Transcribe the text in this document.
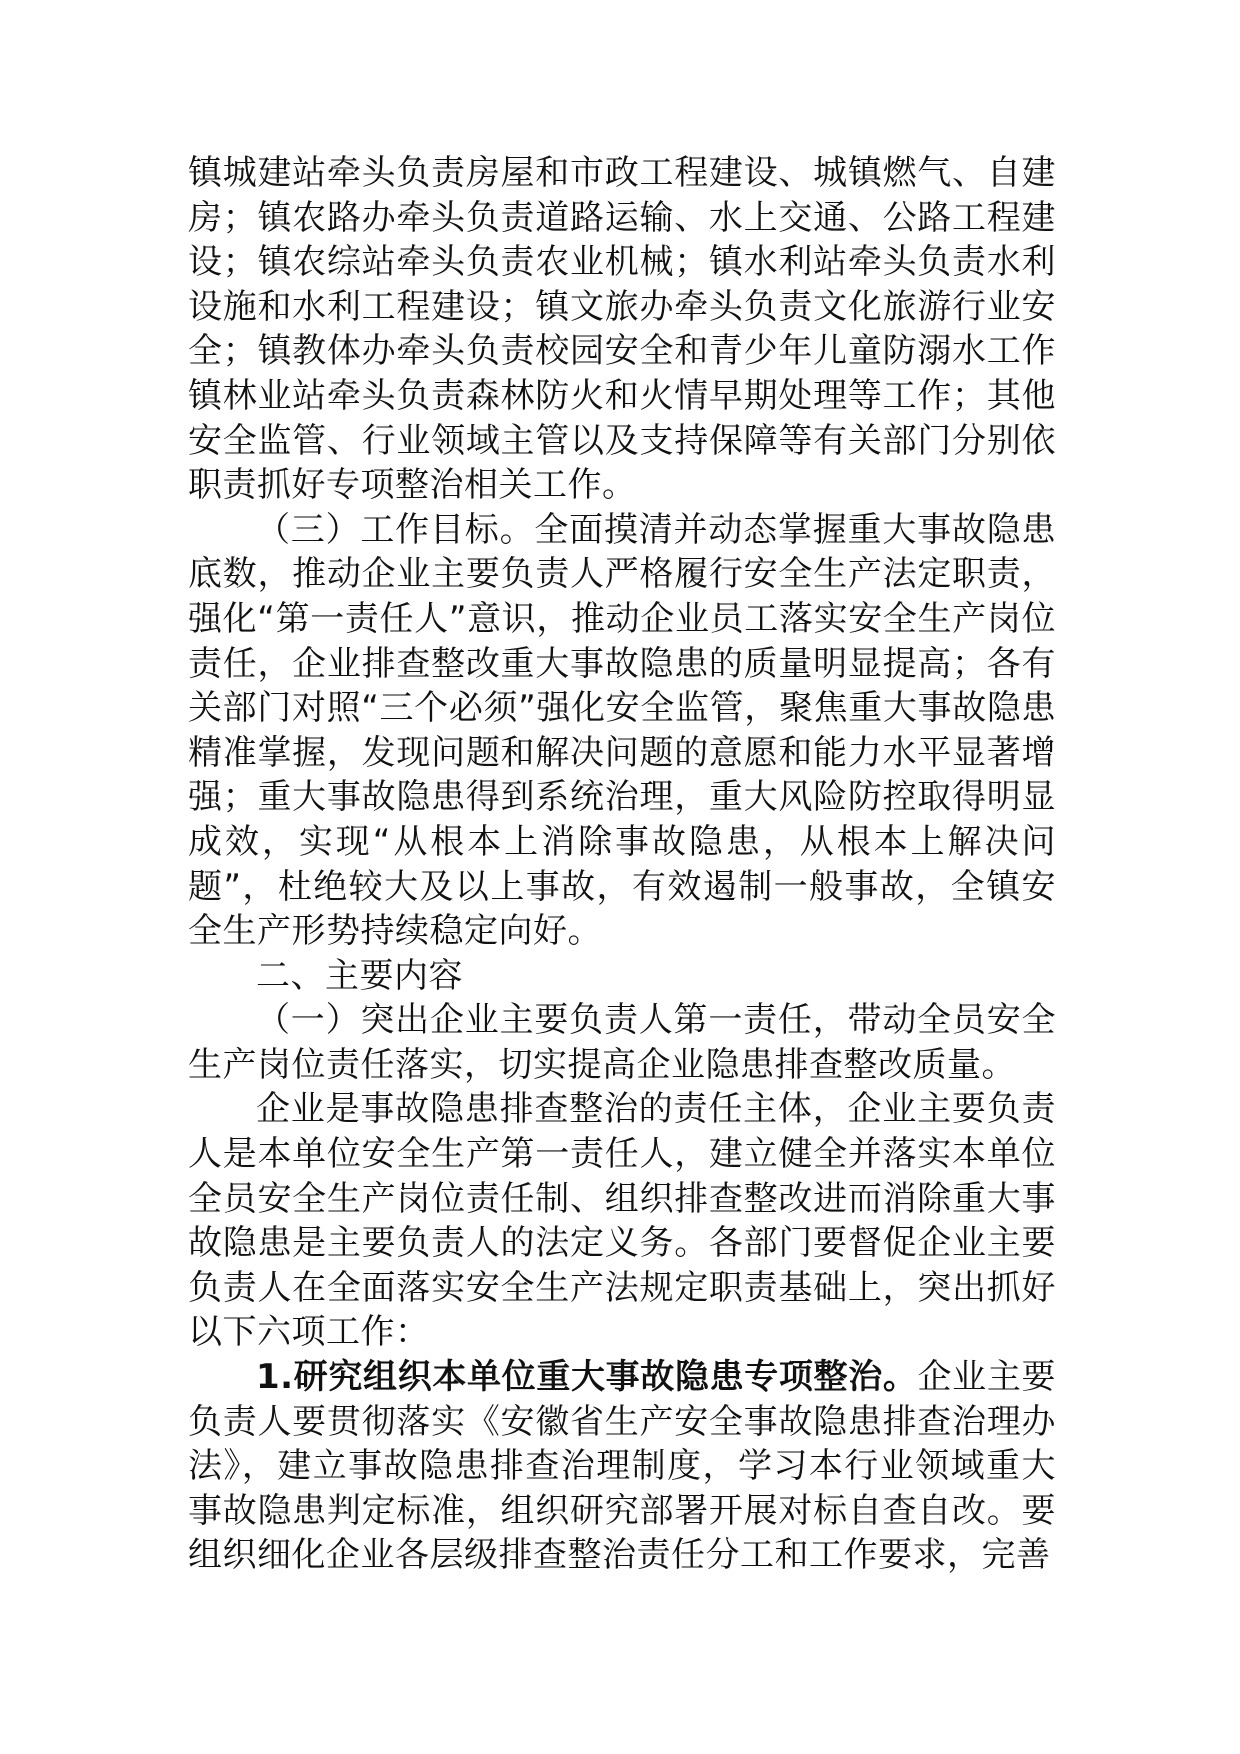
镇城建站牵头负责房屋和市政工程建设、城镇燃气、自建房；镇农路办牵头负责道路运输、水上交通、公路工程建设；镇农综站牵头负责农业机械；镇水利站牵头负责水利设施和水利工程建设；镇文旅办牵头负责文化旅游行业安全；镇教体办牵头负责校园安全和青少年儿童防溺水工作镇林业站牵头负责森林防火和火情早期处理等工作；其他安全监管、行业领域主管以及支持保障等有关部门分别依职责抓好专项整治相关工作。

（三）工作目标。全面摸清并动态掌握重大事故隐患底数，推动企业主要负责人严格履行安全生产法定职责，强化“第一责任人”意识，推动企业员工落实安全生产岗位责任，企业排查整改重大事故隐患的质量明显提高；各有关部门对照“三个必须”强化安全监管，聚焦重大事故隐患精准掌握，发现问题和解决问题的意愿和能力水平显著增强；重大事故隐患得到系统治理，重大风险防控取得明显成效，实现“从根本上消除事故隐患，从根本上解决问题”，杜绝较大及以上事故，有效遏制一般事故，全镇安全生产形势持续稳定向好。

二、主要内容

（一）突出企业主要负责人第一责任，带动全员安全生产岗位责任落实，切实提高企业隐患排查整改质量。

企业是事故隐患排查整治的责任主体，企业主要负责人是本单位安全生产第一责任人，建立健全并落实本单位全员安全生产岗位责任制、组织排查整改进而消除重大事故隐患是主要负责人的法定义务。各部门要督促企业主要负责人在全面落实安全生产法规定职责基础上，突出抓好以下六项工作：

1.研究组织本单位重大事故隐患专项整治。企业主要负责人要贯彻落实《安徽省生产安全事故隐患排查治理办法》，建立事故隐患排查治理制度，学习本行业领域重大事故隐患判定标准，组织研究部署开展对标自查自改。要组织细化企业各层级排查整治责任分工和工作要求，完善
